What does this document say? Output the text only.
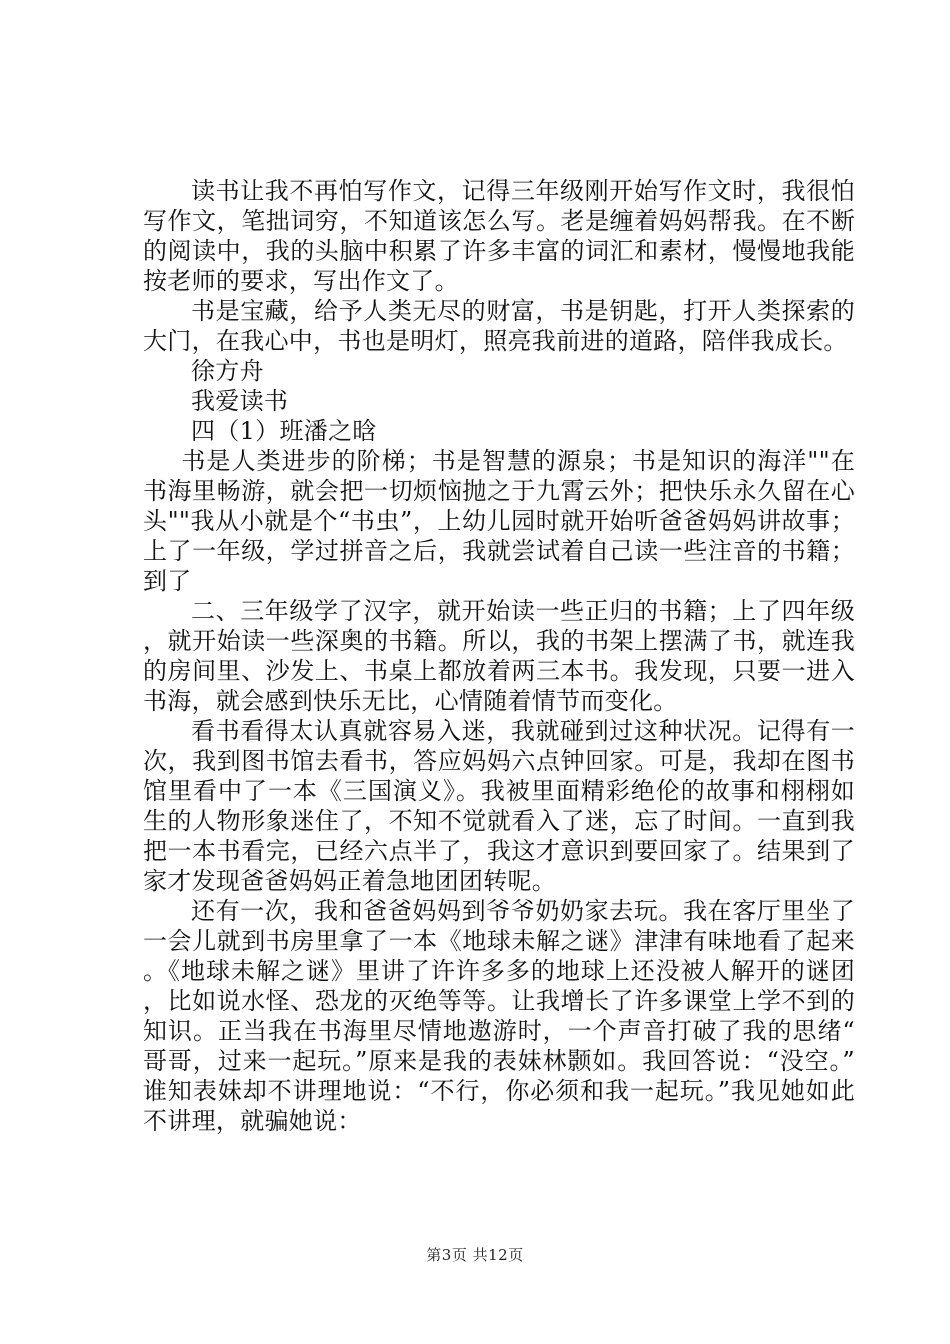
读书让我不再怕写作文，记得三年级刚开始写作文时，我很怕写作文，笔拙词穷，不知道该怎么写。老是缠着妈妈帮我。在不断的阅读中，我的头脑中积累了许多丰富的词汇和素材，慢慢地我能按老师的要求，写出作文了。

书是宝藏，给予人类无尽的财富，书是钥匙，打开人类探索的大门，在我心中，书也是明灯，照亮我前进的道路，陪伴我成长。

徐方舟

我爱读书

四（1）班潘之晗

书是人类进步的阶梯；书是智慧的源泉；书是知识的海洋""在书海里畅游，就会把一切烦恼抛之于九霄云外；把快乐永久留在心头""我从小就是个“书虫”，上幼儿园时就开始听爸爸妈妈讲故事；上了一年级，学过拼音之后，我就尝试着自己读一些注音的书籍；到了

二、三年级学了汉字，就开始读一些正归的书籍；上了四年级，就开始读一些深奥的书籍。所以，我的书架上摆满了书，就连我的房间里、沙发上、书桌上都放着两三本书。我发现，只要一进入书海，就会感到快乐无比，心情随着情节而变化。

看书看得太认真就容易入迷，我就碰到过这种状况。记得有一次，我到图书馆去看书，答应妈妈六点钟回家。可是，我却在图书馆里看中了一本《三国演义》。我被里面精彩绝伦的故事和栩栩如生的人物形象迷住了，不知不觉就看入了迷，忘了时间。一直到我把一本书看完，已经六点半了，我这才意识到要回家了。结果到了家才发现爸爸妈妈正着急地团团转呢。

还有一次，我和爸爸妈妈到爷爷奶奶家去玩。我在客厅里坐了一会儿就到书房里拿了一本《地球未解之谜》津津有味地看了起来。《地球未解之谜》里讲了许许多多的地球上还没被人解开的谜团，比如说水怪、恐龙的灭绝等等。让我增长了许多课堂上学不到的知识。正当我在书海里尽情地遨游时，一个声音打破了我的思绪“哥哥，过来一起玩。”原来是我的表妹林颢如。我回答说：“没空。”谁知表妹却不讲理地说：“不行，你必须和我一起玩。”我见她如此不讲理，就骗她说：

第3页 共12页
